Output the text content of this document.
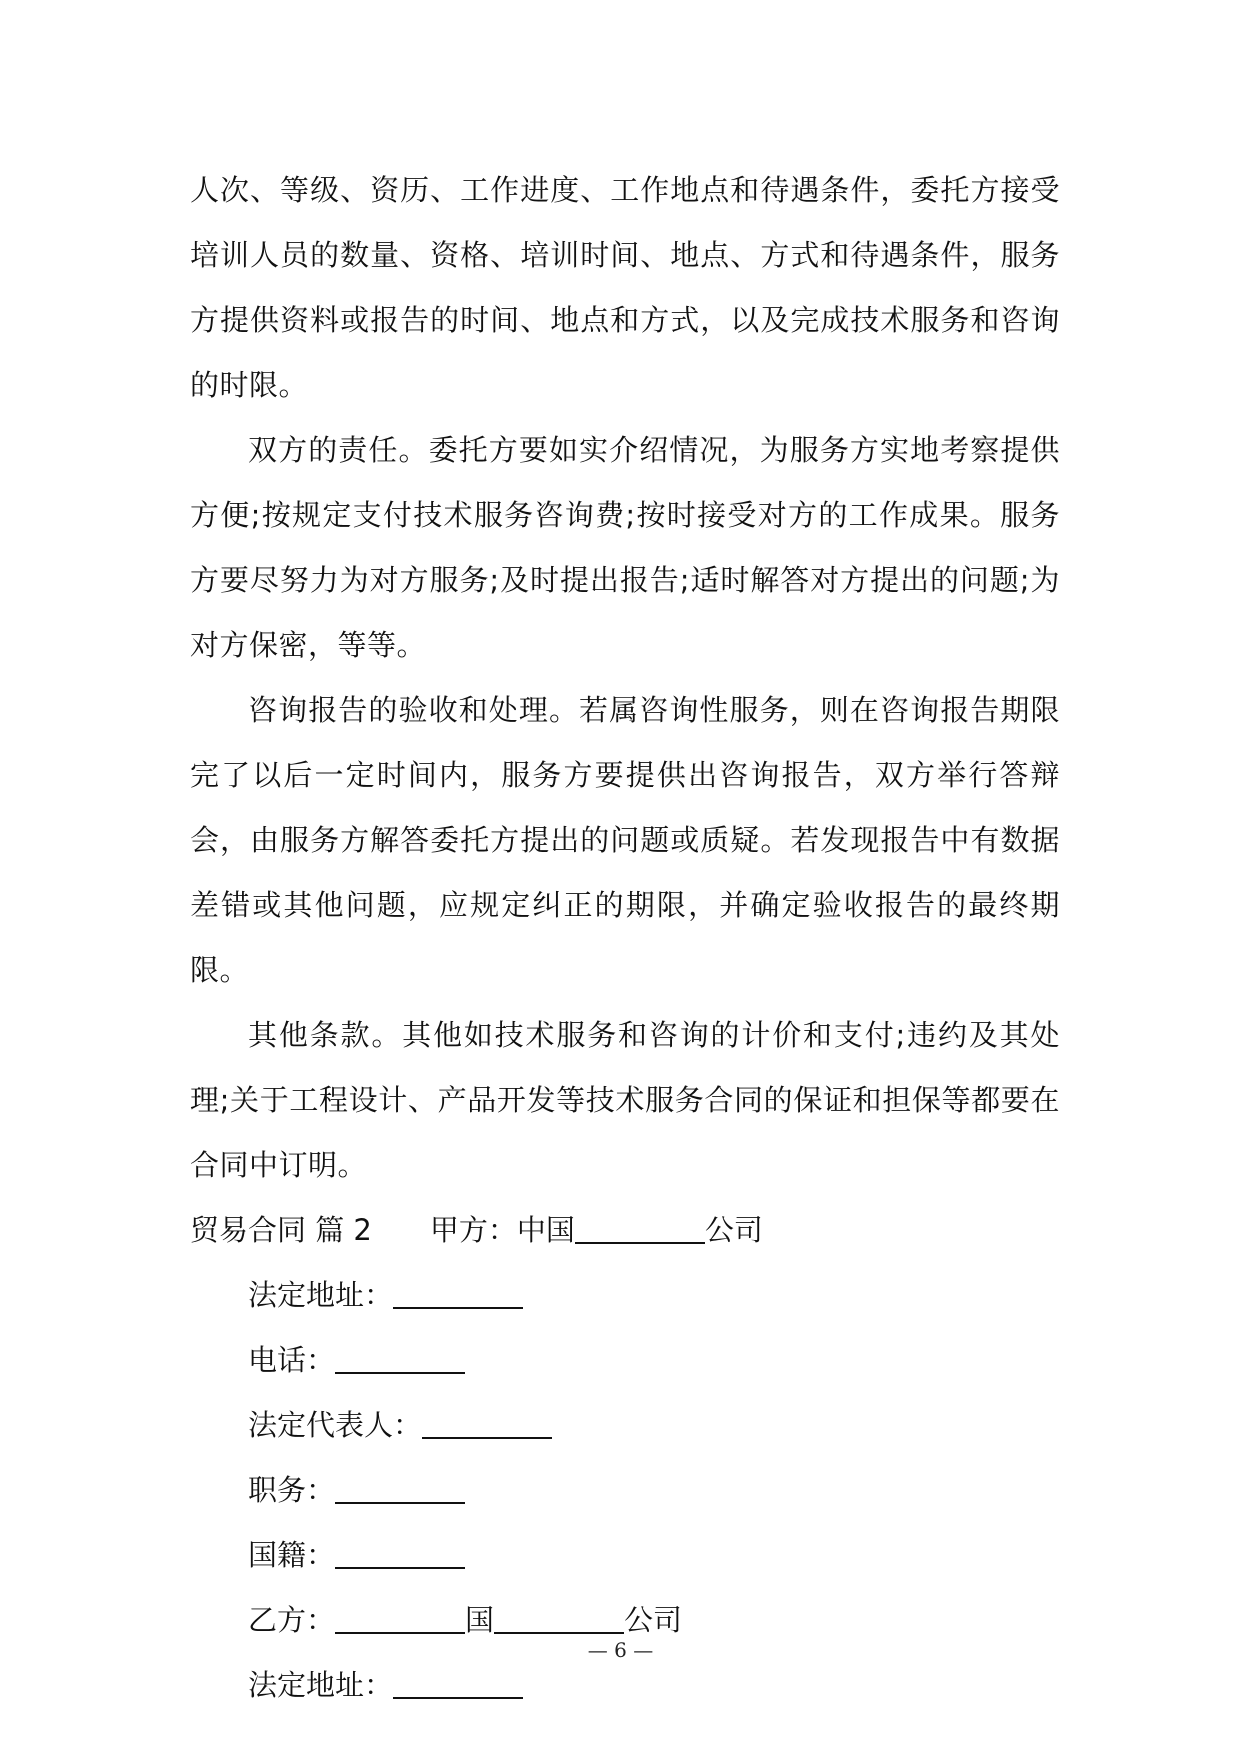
人次、等级、资历、工作进度、工作地点和待遇条件，委托方接受培训人员的数量、资格、培训时间、地点、方式和待遇条件，服务方提供资料或报告的时间、地点和方式，以及完成技术服务和咨询的时限。

双方的责任。委托方要如实介绍情况，为服务方实地考察提供方便;按规定支付技术服务咨询费;按时接受对方的工作成果。服务方要尽努力为对方服务;及时提出报告;适时解答对方提出的问题;为对方保密，等等。

咨询报告的验收和处理。若属咨询性服务，则在咨询报告期限完了以后一定时间内，服务方要提供出咨询报告，双方举行答辩会，由服务方解答委托方提出的问题或质疑。若发现报告中有数据差错或其他问题，应规定纠正的期限，并确定验收报告的最终期限。

其他条款。其他如技术服务和咨询的计价和支付;违约及其处理;关于工程设计、产品开发等技术服务合同的保证和担保等都要在合同中订明。

贸易合同 篇 2 甲方：中国	公司

法定地址：

电话：

法定代表人：

职务：

国籍：

乙方：	国	公司

法定地址：

— 6 —
